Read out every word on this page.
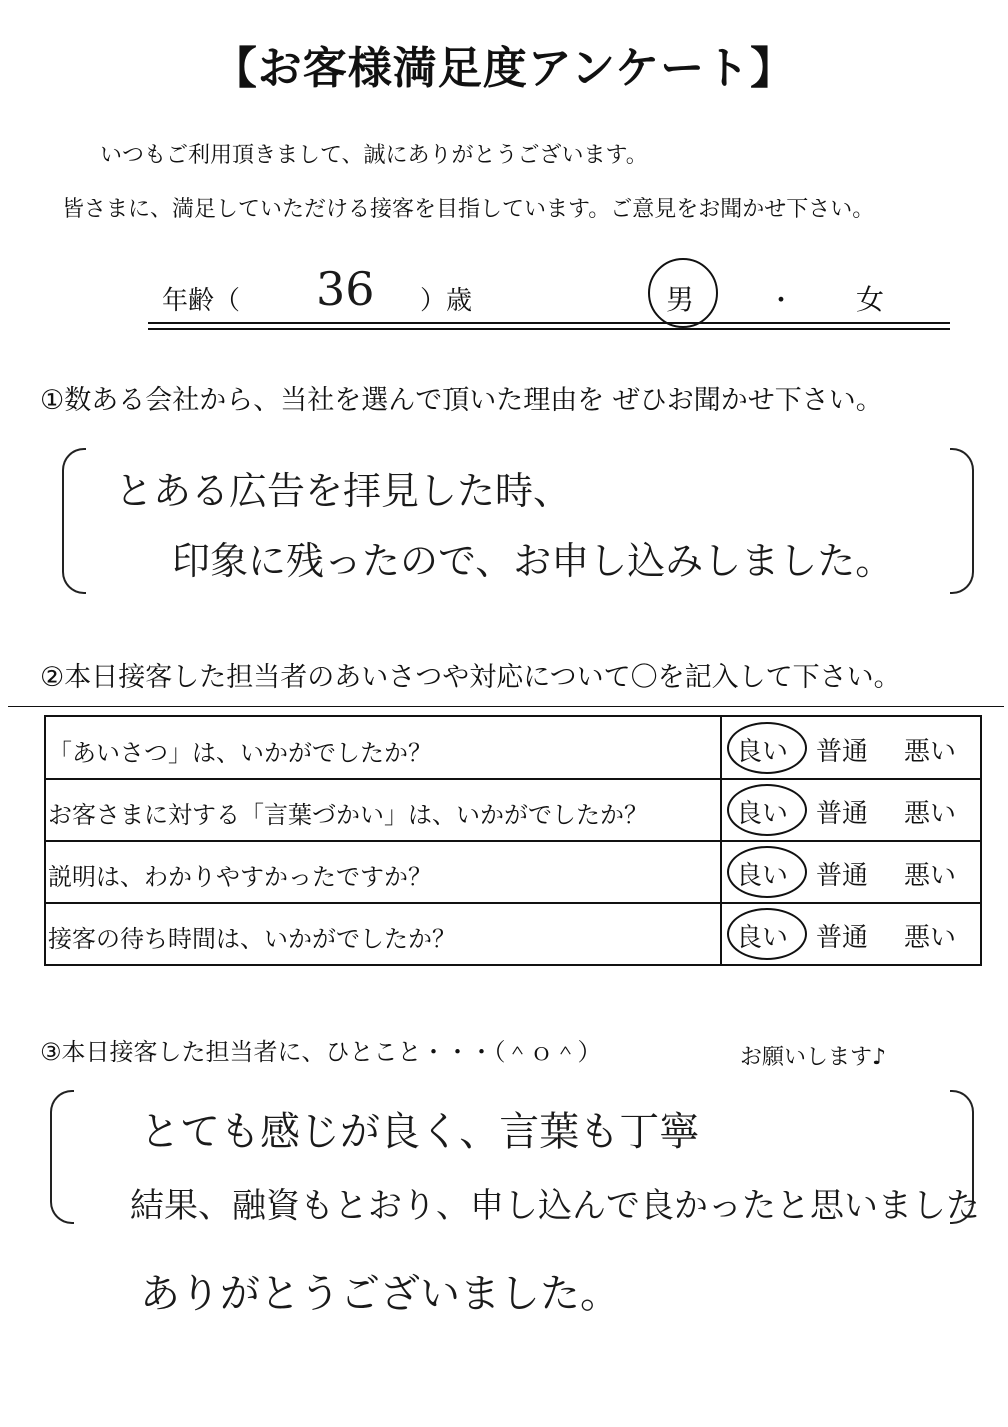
【お客様満足度アンケート】
いつもご利用頂きまして、誠にありがとうございます。
皆さまに、満足していただける接客を目指しています。ご意見をお聞かせ下さい。
年齢（ 36 ）歳	男	・ 女
①数ある会社から、当社を選んで頂いた理由を ぜひお聞かせ下さい。
とある広告を拝見した時、
印象に残ったので、お申し込みしました。
②本日接客した担当者のあいさつや対応について〇を記入して下さい。
「あいさつ」は、いかがでしたか？	良い 普通 悪い
お客さまに対する「言葉づかい」は、いかがでしたか？	良い 普通 悪い
説明は、わかりやすかったですか？	良い 普通 悪い
接客の待ち時間は、いかがでしたか？	良い 普通 悪い
③本日接客した担当者に、ひとこと・・・（＾ｏ＾）	お願いします♪
とても感じが良く、言葉も丁寧
結果、融資もとおり、申し込んで良かったと思いました
ありがとうございました。
